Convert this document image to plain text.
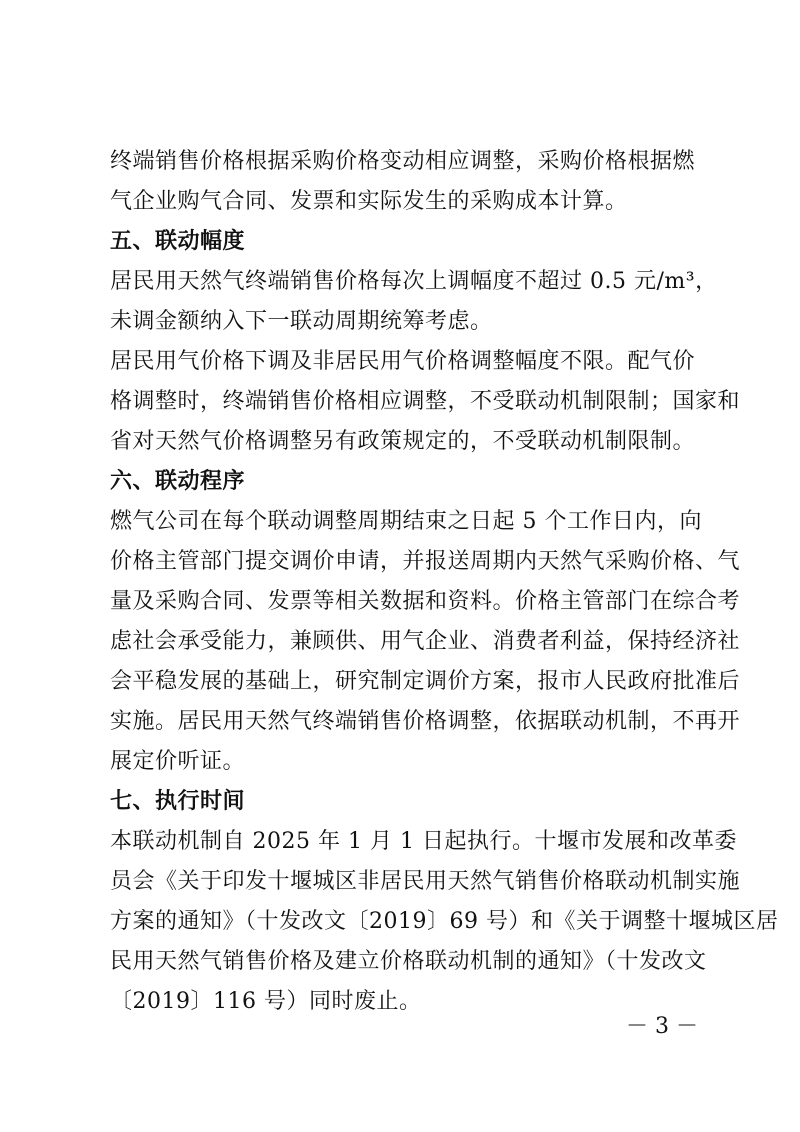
终端销售价格根据采购价格变动相应调整，采购价格根据燃

气企业购气合同、发票和实际发生的采购成本计算。

五、联动幅度

居民用天然气终端销售价格每次上调幅度不超过 0.5 元/m³，

未调金额纳入下一联动周期统筹考虑。

居民用气价格下调及非居民用气价格调整幅度不限。配气价

格调整时，终端销售价格相应调整，不受联动机制限制；国家和

省对天然气价格调整另有政策规定的，不受联动机制限制。

六、联动程序

燃气公司在每个联动调整周期结束之日起 5 个工作日内，向

价格主管部门提交调价申请，并报送周期内天然气采购价格、气

量及采购合同、发票等相关数据和资料。价格主管部门在综合考

虑社会承受能力，兼顾供、用气企业、消费者利益，保持经济社

会平稳发展的基础上，研究制定调价方案，报市人民政府批准后

实施。居民用天然气终端销售价格调整，依据联动机制，不再开

展定价听证。

七、执行时间

本联动机制自 2025 年 1 月 1 日起执行。十堰市发展和改革委

员会《关于印发十堰城区非居民用天然气销售价格联动机制实施

方案的通知》（十发改文〔2019〕69 号）和《关于调整十堰城区居

民用天然气销售价格及建立价格联动机制的通知》（十发改文

〔2019〕116 号）同时废止。

－ 3 －
